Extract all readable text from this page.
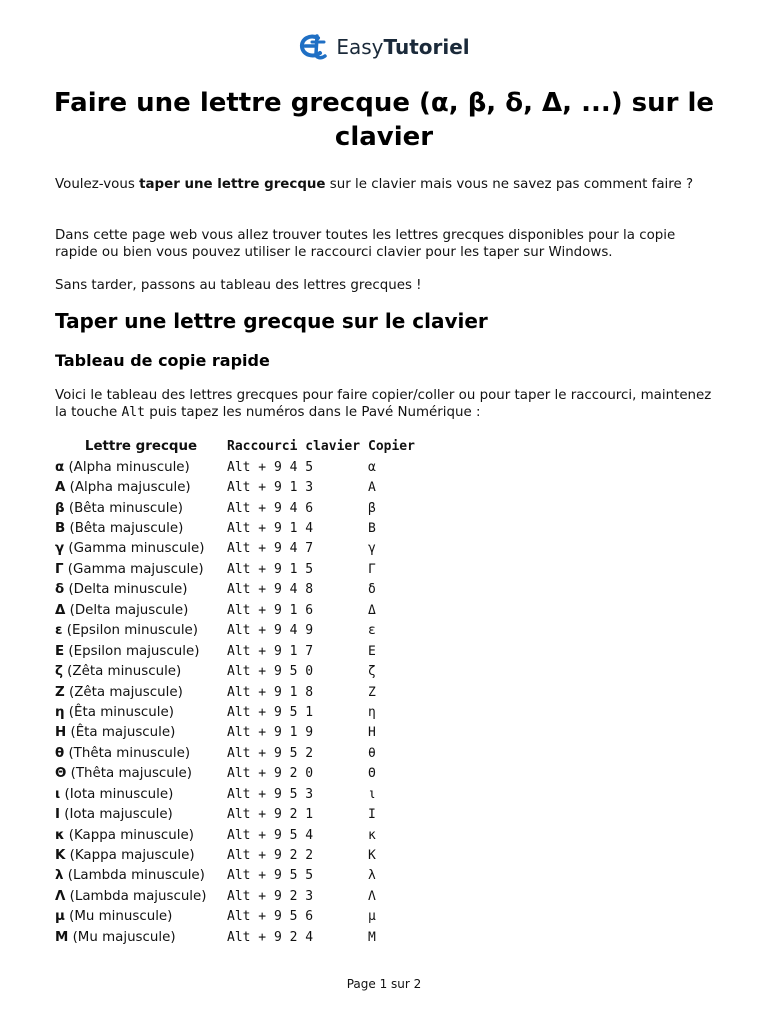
EasyTutoriel
Faire une lettre grecque (α, β, δ, Δ, ...) sur le clavier

Voulez-vous taper une lettre grecque sur le clavier mais vous ne savez pas comment faire ?

Dans cette page web vous allez trouver toutes les lettres grecques disponibles pour la copie rapide ou bien vous pouvez utiliser le raccourci clavier pour les taper sur Windows.

Sans tarder, passons au tableau des lettres grecques !

Taper une lettre grecque sur le clavier
Tableau de copie rapide

Voici le tableau des lettres grecques pour faire copier/coller ou pour taper le raccourci, maintenez la touche Alt puis tapez les numéros dans le Pavé Numérique :

Lettre grecque	Raccourci clavier	Copier
α (Alpha minuscule)	Alt + 9 4 5	α
Α (Alpha majuscule)	Alt + 9 1 3	Α
β (Bêta minuscule)	Alt + 9 4 6	β
Β (Bêta majuscule)	Alt + 9 1 4	Β
γ (Gamma minuscule)	Alt + 9 4 7	γ
Γ (Gamma majuscule)	Alt + 9 1 5	Γ
δ (Delta minuscule)	Alt + 9 4 8	δ
Δ (Delta majuscule)	Alt + 9 1 6	Δ
ε (Epsilon minuscule)	Alt + 9 4 9	ε
Ε (Epsilon majuscule)	Alt + 9 1 7	Ε
ζ (Zêta minuscule)	Alt + 9 5 0	ζ
Ζ (Zêta majuscule)	Alt + 9 1 8	Ζ
η (Êta minuscule)	Alt + 9 5 1	η
Η (Êta majuscule)	Alt + 9 1 9	Η
θ (Thêta minuscule)	Alt + 9 5 2	θ
Θ (Thêta majuscule)	Alt + 9 2 0	Θ
ι (Iota minuscule)	Alt + 9 5 3	ι
Ι (Iota majuscule)	Alt + 9 2 1	Ι
κ (Kappa minuscule)	Alt + 9 5 4	κ
Κ (Kappa majuscule)	Alt + 9 2 2	Κ
λ (Lambda minuscule)	Alt + 9 5 5	λ
Λ (Lambda majuscule)	Alt + 9 2 3	Λ
μ (Mu minuscule)	Alt + 9 5 6	μ
Μ (Mu majuscule)	Alt + 9 2 4	Μ
Page 1 sur 2
